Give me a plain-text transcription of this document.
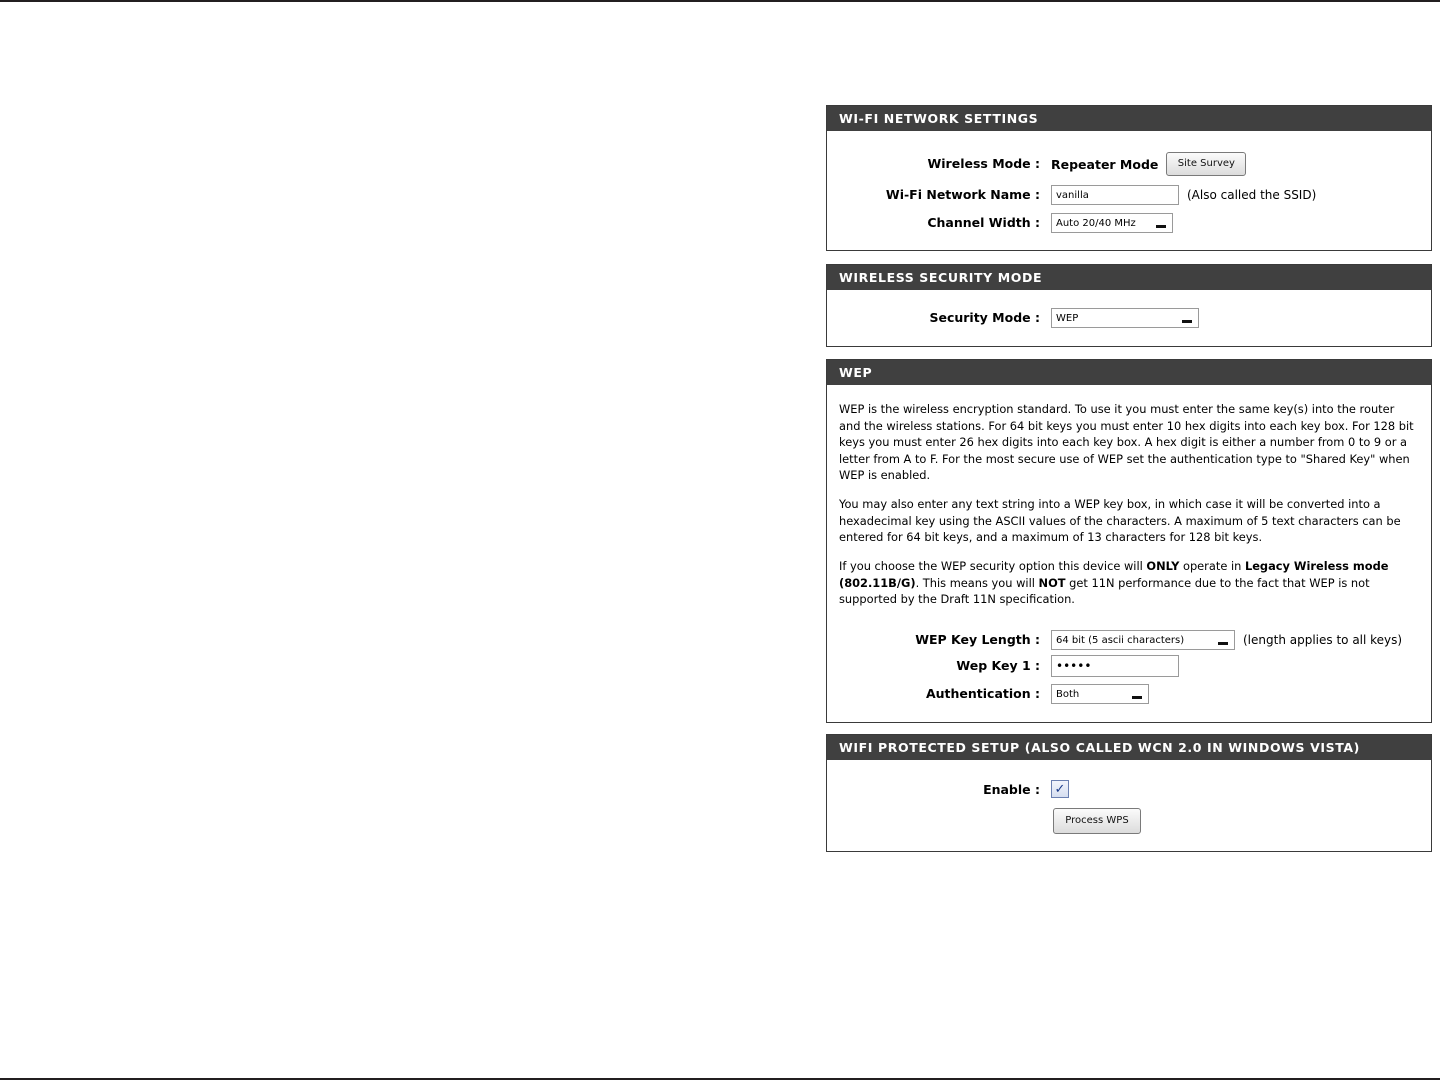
WI-FI NETWORK SETTINGS
Wireless Mode : Repeater Mode	Site Survey
Wi-Fi Network Name :
vanilla	(Also called the SSID)
Channel Width : Auto 20/40 MHz
WIRELESS SECURITY MODE
Security Mode : WEP
WEP
WEP is the wireless encryption standard. To use it you must enter the same key(s) into the router and the wireless stations. For 64 bit keys you must enter 10 hex digits into each key box. For 128 bit keys you must enter 26 hex digits into each key box. A hex digit is either a number from 0 to 9 or a letter from A to F. For the most secure use of WEP set the authentication type to "Shared Key" when WEP is enabled.
You may also enter any text string into a WEP key box, in which case it will be converted into a hexadecimal key using the ASCII values of the characters. A maximum of 5 text characters can be entered for 64 bit keys, and a maximum of 13 characters for 128 bit keys.
If you choose the WEP security option this device will ONLY operate in Legacy Wireless mode (802.11B/G). This means you will NOT get 11N performance due to the fact that WEP is not supported by the Draft 11N specification.
WEP Key Length : 64 bit (5 ascii characters)	(length applies to all keys)
Wep Key 1 :
•••••
Authentication : Both
WIFI PROTECTED SETUP (ALSO CALLED WCN 2.0 IN WINDOWS VISTA)
Enable : ✓
Process WPS
